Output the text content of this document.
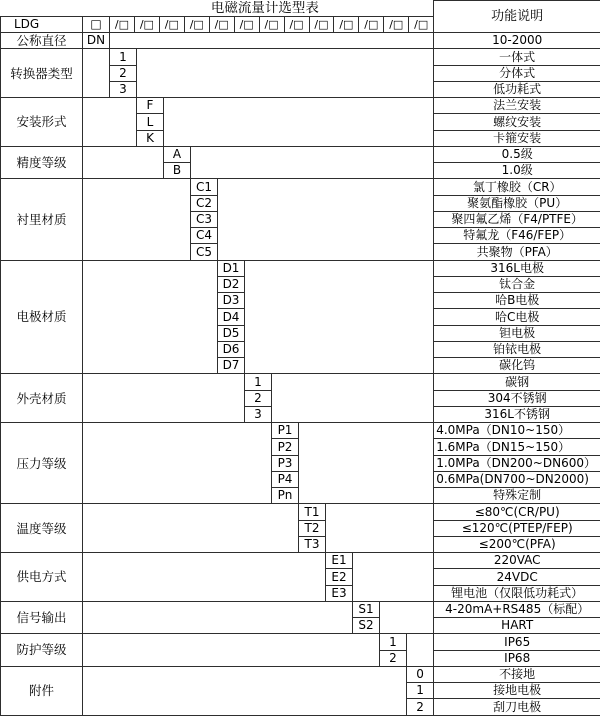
电磁流量计选型表														功能说明
LDG	□	/□ /□ /□ /□ /□ /□ /□ /□ /□ /□ /□ /□ /□

公称直径	DN													10-2000
转换器类型		1												一体式
		2												分体式
		3												低功耗式
安装形式			F											法兰安装
			L											螺纹安装
			K											卡箍安装
精度等级				A										0.5级
				B										1.0级
衬里材质					C1									氯丁橡胶（CR）
					C2									聚氨酯橡胶（PU）
					C3									聚四氟乙烯（F4/PTFE）
					C4									特氟龙（F46/FEP）
					C5									共聚物（PFA）
电极材质						D1								316L电极
						D2								钛合金
						D3								哈B电极
						D4								哈C电极
						D5								钽电极
						D6								铂铱电极
						D7								碳化钨
外壳材质							1							碳钢
							2							304不锈钢
							3							316L不锈钢
压力等级								P1						4.0MPa（DN10~150）
								P2						1.6MPa（DN15~150）
								P3						1.0MPa（DN200~DN600）
								P4						0.6MPa(DN700~DN2000)
								Pn						特殊定制
温度等级									T1					≤80℃(CR/PU)
									T2					≤120℃(PTEP/FEP)
									T3					≤200℃(PFA)
供电方式										E1				220VAC
										E2				24VDC
										E3				锂电池（仅限低功耗式）
信号输出											S1			4-20mA+RS485（标配）
											S2			HART
防护等级												1		IP65
												2		IP68
附件													0	不接地
													1	接地电极
													2	刮刀电极
